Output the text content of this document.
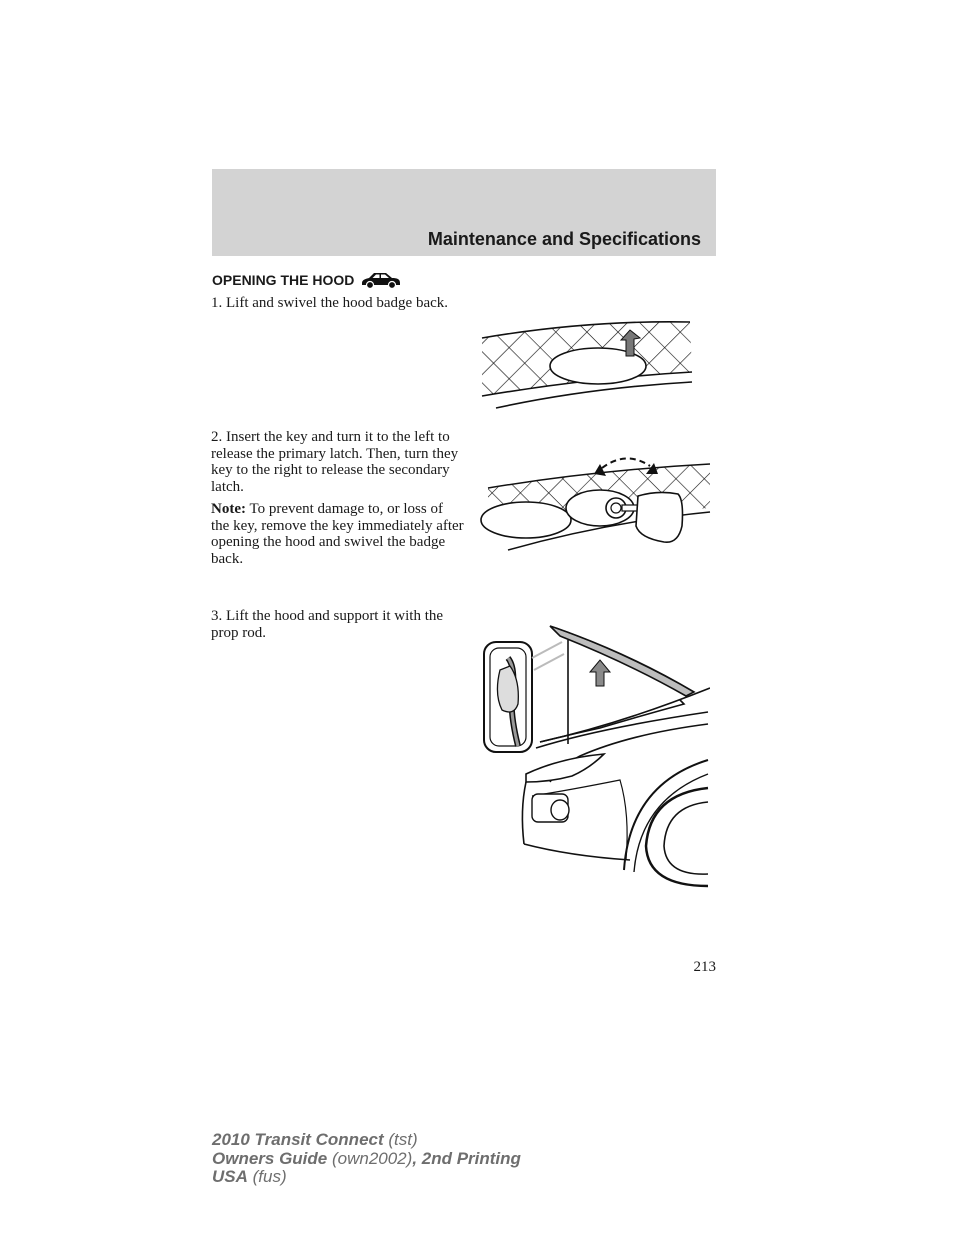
Maintenance and Specifications
OPENING THE HOOD

1. Lift and swivel the hood badge back.

2. Insert the key and turn it to the left to release the primary latch. Then, turn they key to the right to release the secondary latch.

Note: To prevent damage to, or loss of the key, remove the key immediately after opening the hood and swivel the badge back.

3. Lift the hood and support it with the prop rod.

213
2010 Transit Connect (tst)
Owners Guide (own2002), 2nd Printing
USA (fus)
